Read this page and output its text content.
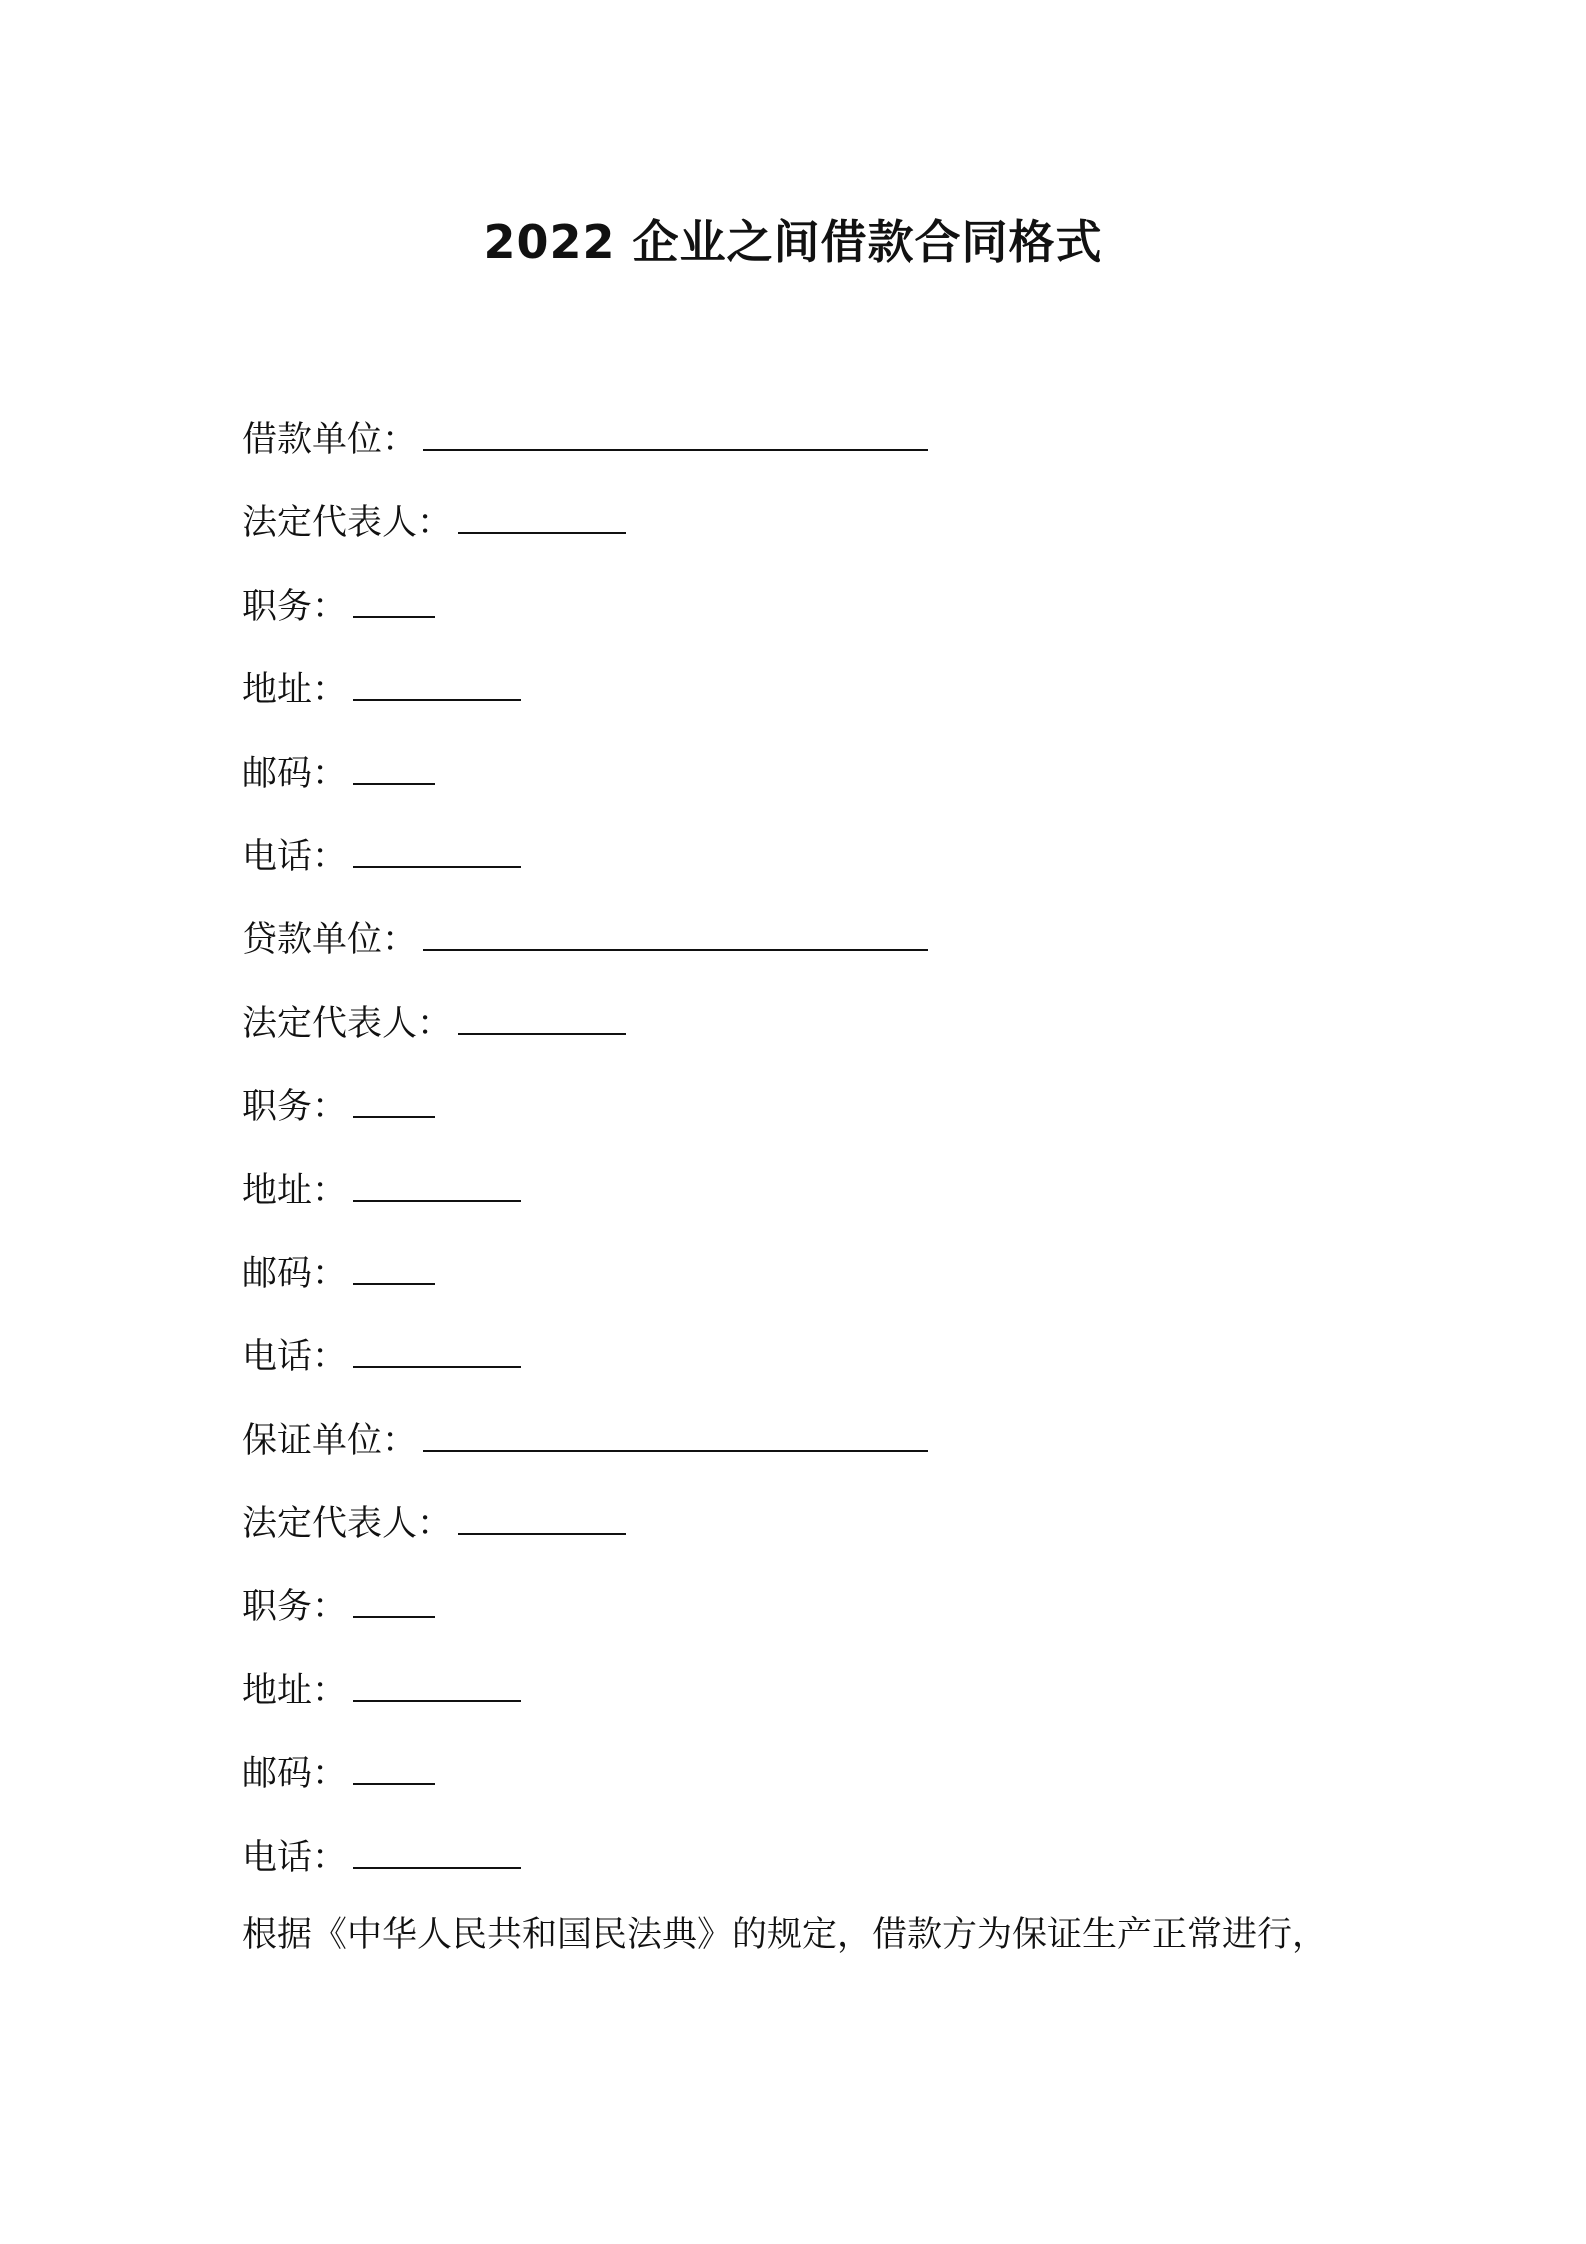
2022 企业之间借款合同格式
借款单位：
法定代表人：
职务：
地址：
邮码：
电话：
贷款单位：
法定代表人：
职务：
地址：
邮码：
电话：
保证单位：
法定代表人：
职务：
地址：
邮码：
电话：
根据《中华人民共和国民法典》的规定，借款方为保证生产正常进行，
